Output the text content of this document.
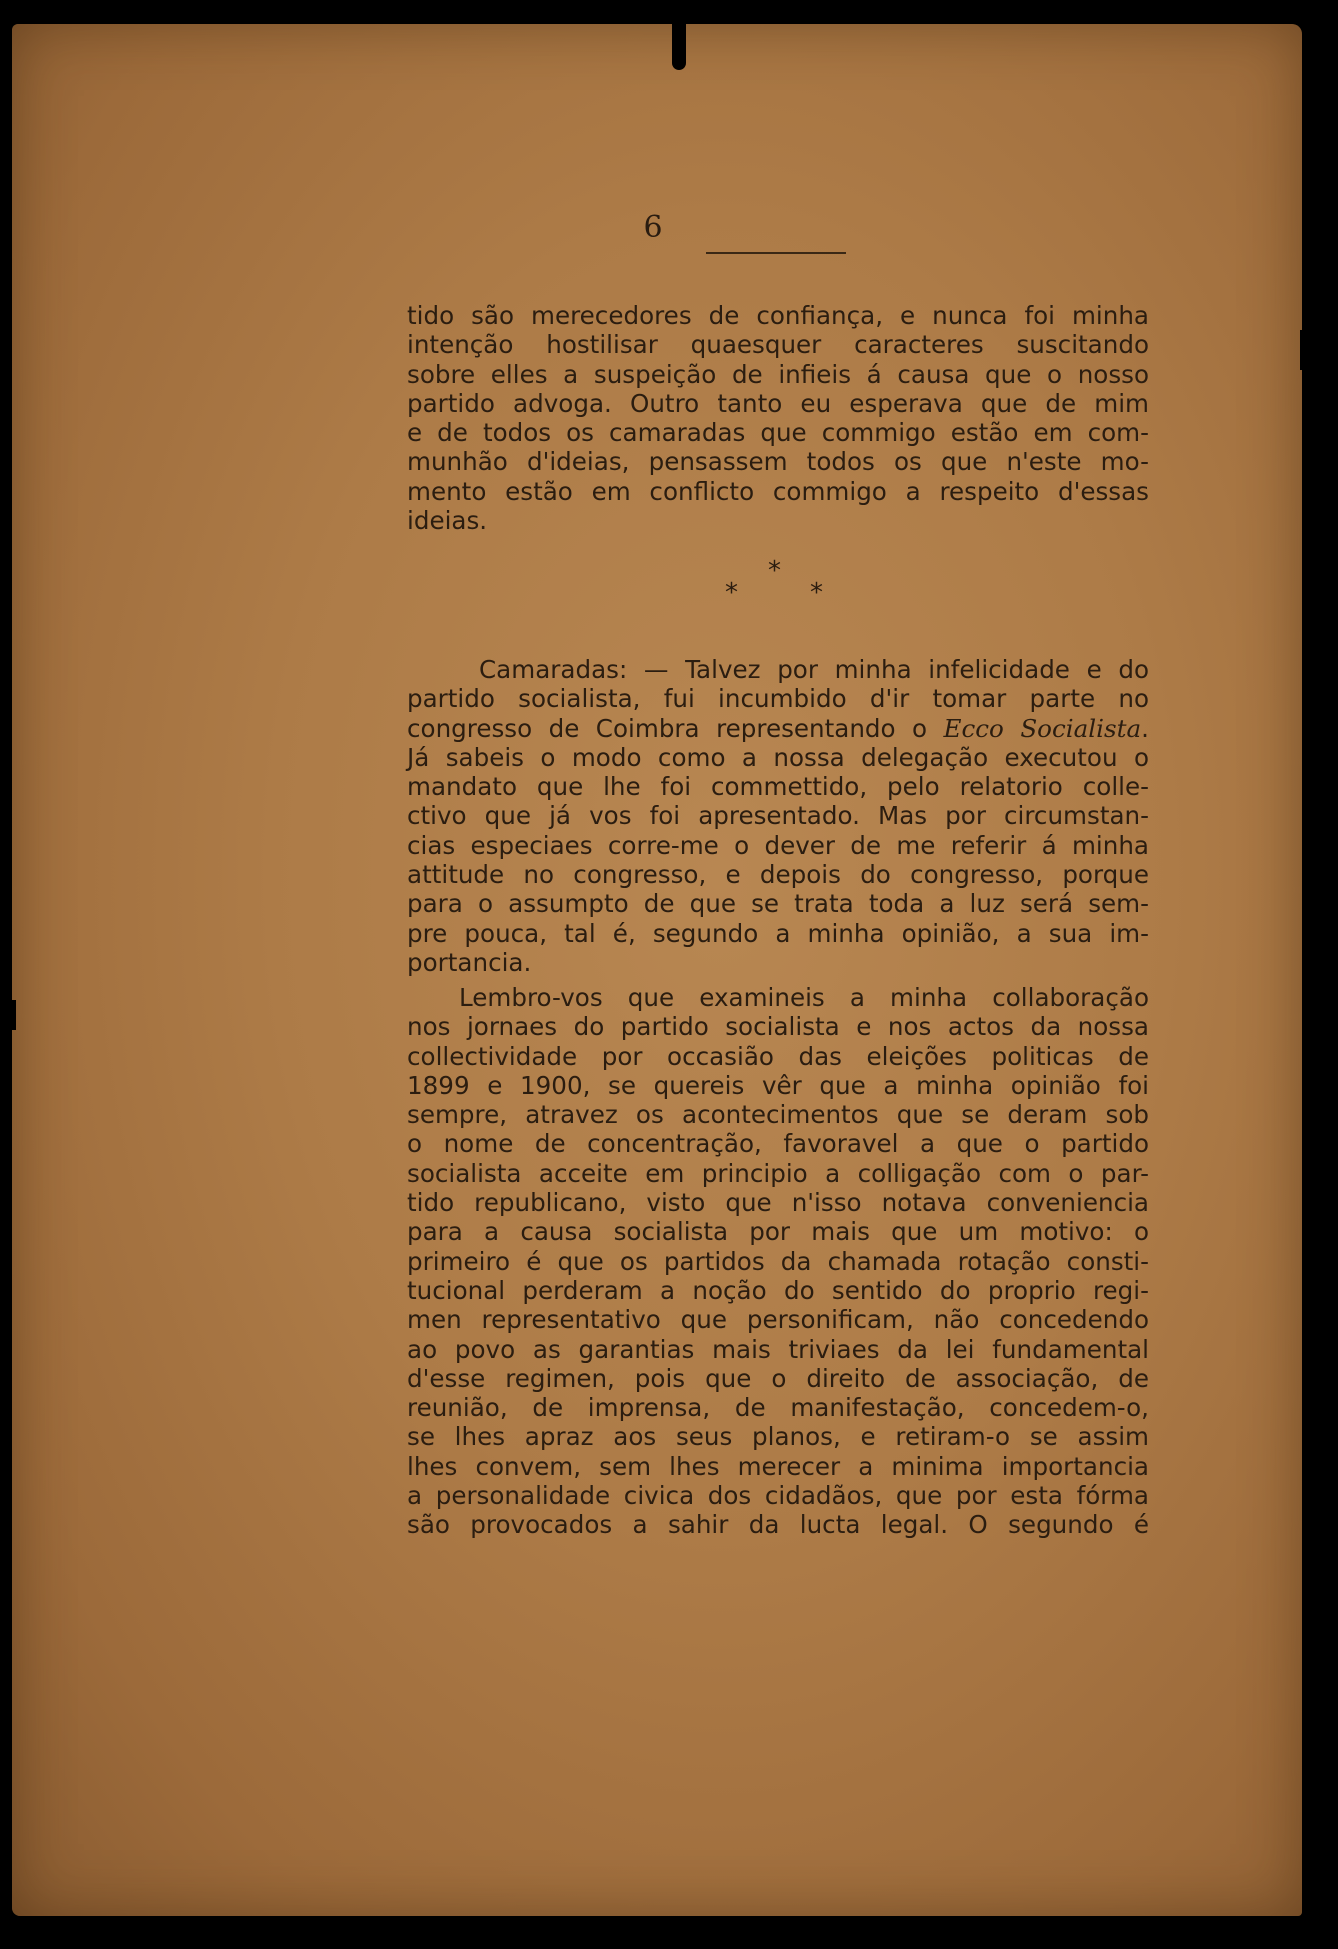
6
tido são merecedores de confiança, e nunca foi minha
intenção hostilisar quaesquer caracteres suscitando
sobre elles a suspeição de infieis á causa que o nosso
partido advoga. Outro tanto eu esperava que de mim
e de todos os camaradas que commigo estão em com-
munhão d'ideias, pensassem todos os que n'este mo-
mento estão em conflicto commigo a respeito d'essas
ideias.
*
*	*
Camaradas: — Talvez por minha infelicidade e do
partido socialista, fui incumbido d'ir tomar parte no
congresso de Coimbra representando o Ecco Socialista.
Já sabeis o modo como a nossa delegação executou o
mandato que lhe foi commettido, pelo relatorio colle-
ctivo que já vos foi apresentado. Mas por circumstan-
cias especiaes corre-me o dever de me referir á minha
attitude no congresso, e depois do congresso, porque
para o assumpto de que se trata toda a luz será sem-
pre pouca, tal é, segundo a minha opinião, a sua im-
portancia.
Lembro-vos que examineis a minha collaboração
nos jornaes do partido socialista e nos actos da nossa
collectividade por occasião das eleições politicas de
1899 e 1900, se quereis vêr que a minha opinião foi
sempre, atravez os acontecimentos que se deram sob
o nome de concentração, favoravel a que o partido
socialista acceite em principio a colligação com o par-
tido republicano, visto que n'isso notava conveniencia
para a causa socialista por mais que um motivo: o
primeiro é que os partidos da chamada rotação consti-
tucional perderam a noção do sentido do proprio regi-
men representativo que personificam, não concedendo
ao povo as garantias mais triviaes da lei fundamental
d'esse regimen, pois que o direito de associação, de
reunião, de imprensa, de manifestação, concedem-o,
se lhes apraz aos seus planos, e retiram-o se assim
lhes convem, sem lhes merecer a minima importancia
a personalidade civica dos cidadãos, que por esta fórma
são provocados a sahir da lucta legal. O segundo é
